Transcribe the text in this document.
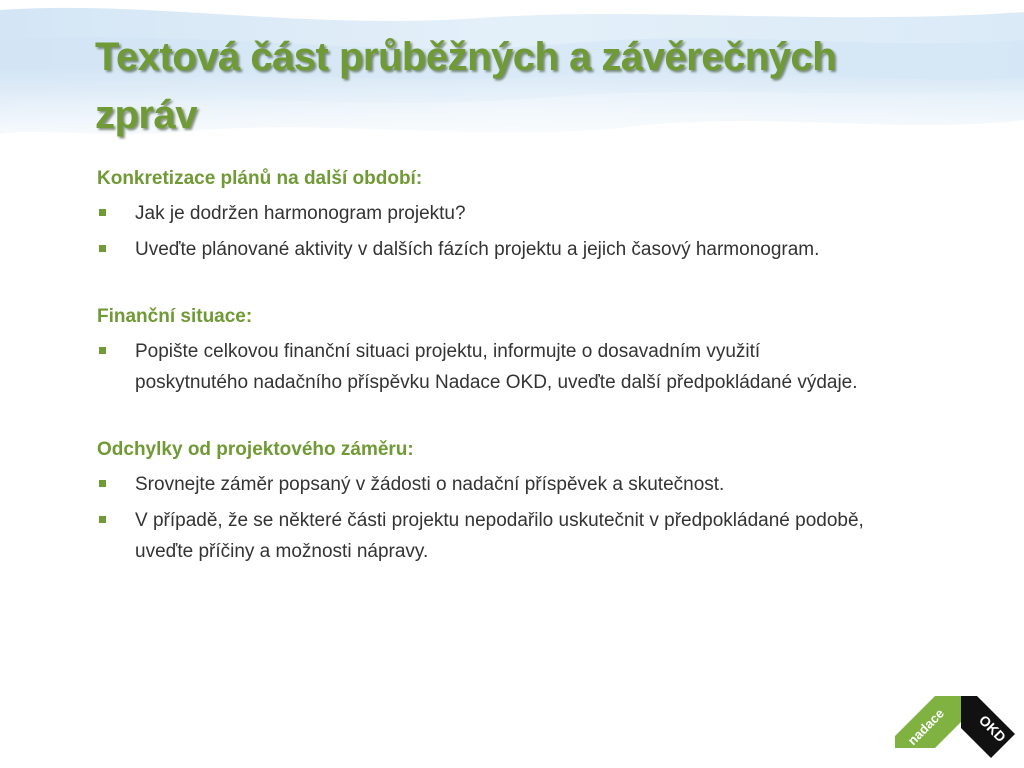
Textová část průběžných a závěrečných zpráv
Konkretizace plánů na další období:
Jak je dodržen harmonogram projektu?
Uveďte plánované aktivity v dalších fázích projektu a jejich časový harmonogram.
Finanční situace:
Popište celkovou finanční situaci projektu, informujte o dosavadním využití poskytnutého nadačního příspěvku Nadace OKD, uveďte další předpokládané výdaje.
Odchylky od projektového záměru:
Srovnejte záměr popsaný v žádosti o nadační příspěvek a skutečnost.
V případě, že se některé části projektu nepodařilo uskutečnit v předpokládané podobě, uveďte příčiny a možnosti nápravy.
nadace OKD
